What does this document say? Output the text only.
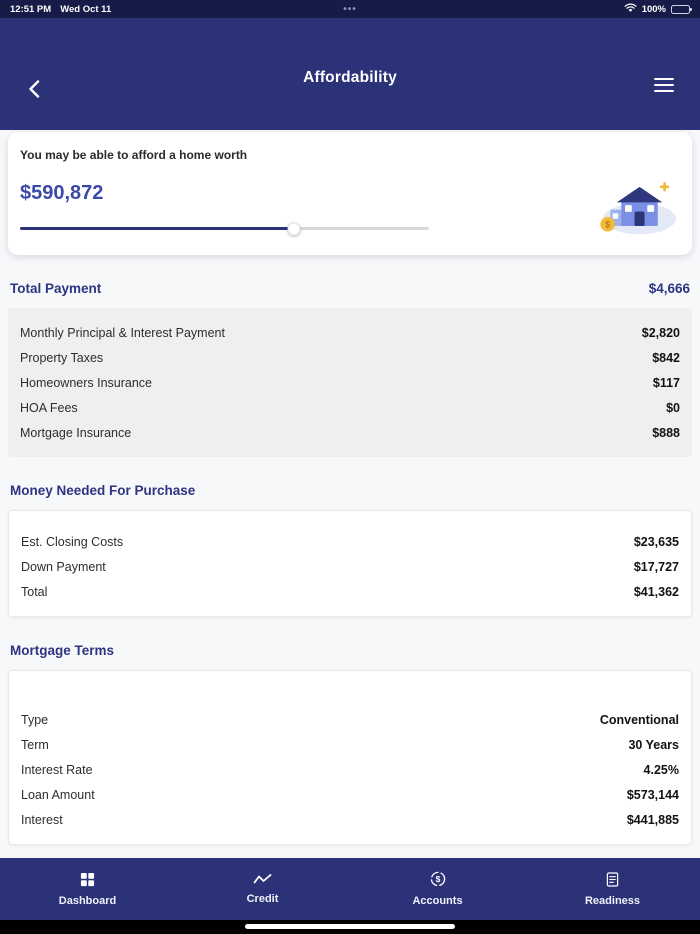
12:51 PM Wed Oct 11	•••	100%
Affordability
You may be able to afford a home worth
$590,872
$
Total Payment	$4,666
Monthly Principal & Interest Payment	$2,820
Property Taxes	$842
Homeowners Insurance	$117
HOA Fees	$0
Mortgage Insurance	$888
Money Needed For Purchase
Est. Closing Costs	$23,635
Down Payment	$17,727
Total	$41,362
Mortgage Terms
Type	Conventional
Term	30 Years
Interest Rate	4.25%
Loan Amount	$573,144
Interest	$441,885
Dashboard	Credit
$
Accounts	Readiness
